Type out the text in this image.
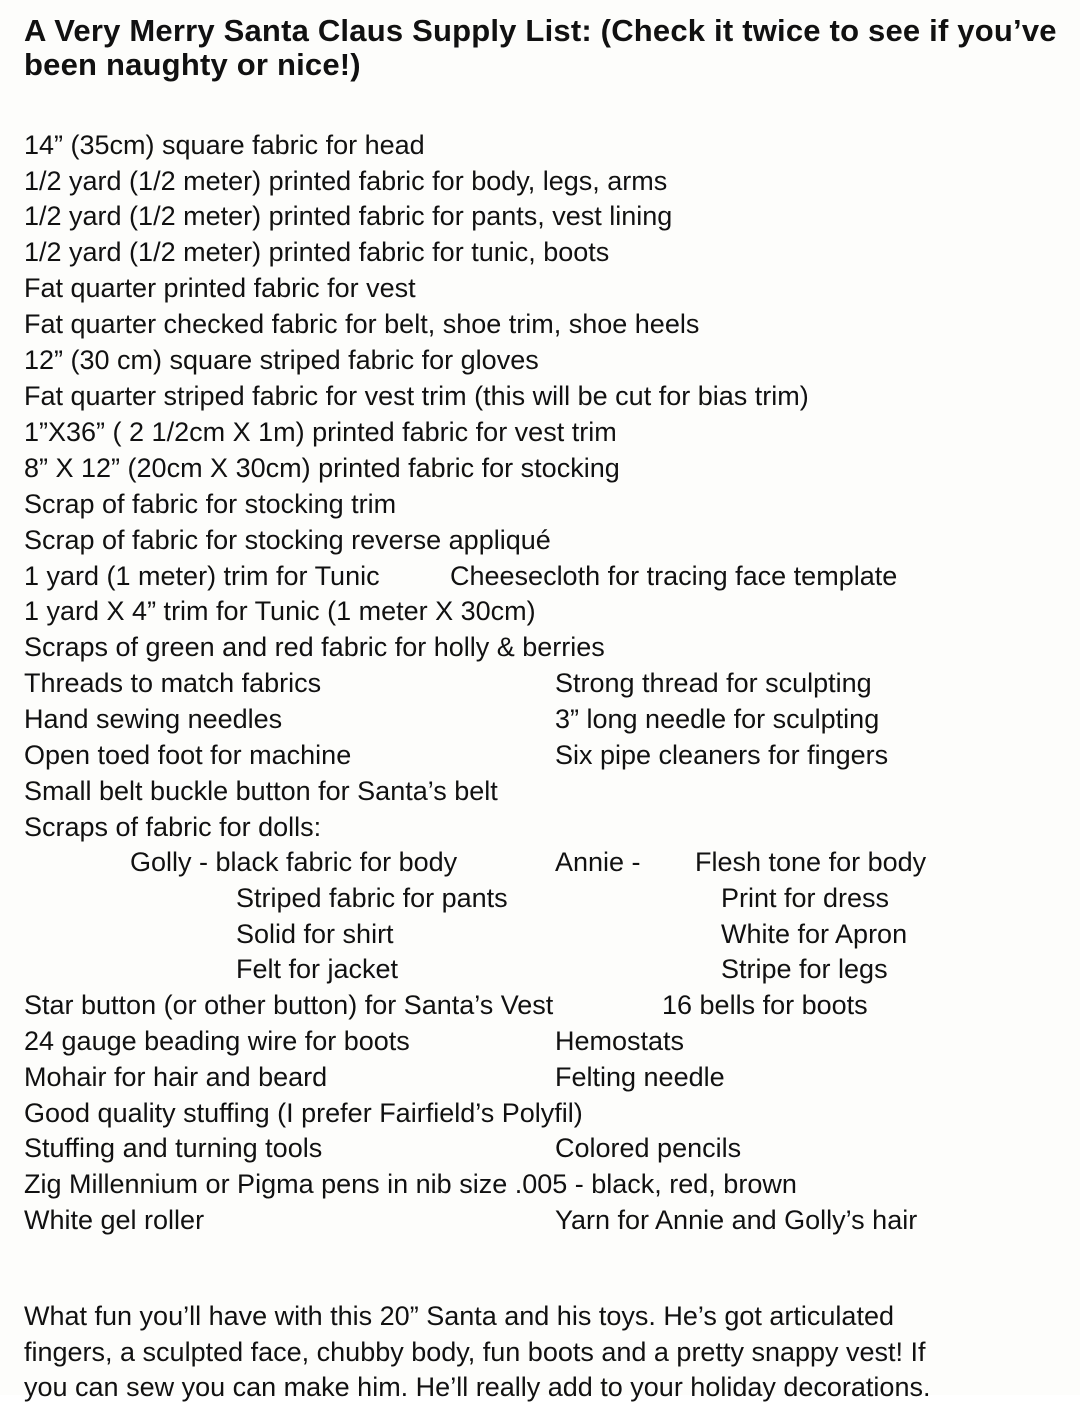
A Very Merry Santa Claus Supply List: (Check it twice to see if you’ve been naughty or nice!)
14” (35cm) square fabric for head
1/2 yard (1/2 meter) printed fabric for body, legs, arms
1/2 yard (1/2 meter) printed fabric for pants, vest lining
1/2 yard (1/2 meter) printed fabric for tunic, boots
Fat quarter printed fabric for vest
Fat quarter checked fabric for belt, shoe trim, shoe heels
12” (30 cm) square striped fabric for gloves
Fat quarter striped fabric for vest trim (this will be cut for bias trim)
1”X36” ( 2 1/2cm X 1m) printed fabric for vest trim
8” X 12” (20cm X 30cm) printed fabric for stocking
Scrap of fabric for stocking trim
Scrap of fabric for stocking reverse appliqué
1 yard (1 meter) trim for Tunic	Cheesecloth for tracing face template
1 yard X 4” trim for Tunic (1 meter X 30cm)
Scraps of green and red fabric for holly & berries
Threads to match fabrics	Strong thread for sculpting
Hand sewing needles	3” long needle for sculpting
Open toed foot for machine	Six pipe cleaners for fingers
Small belt buckle button for Santa’s belt
Scraps of fabric for dolls:
Golly - black fabric for body	Annie - Flesh tone for body
Striped fabric for pants	Print for dress
Solid for shirt	White for Apron
Felt for jacket	Stripe for legs
Star button (or other button) for Santa’s Vest	16 bells for boots
24 gauge beading wire for boots	Hemostats
Mohair for hair and beard	Felting needle
Good quality stuffing (I prefer Fairfield’s Polyfil)
Stuffing and turning tools	Colored pencils
Zig Millennium or Pigma pens in nib size .005 - black, red, brown
White gel roller	Yarn for Annie and Golly’s hair

What fun you’ll have with this 20” Santa and his toys. He’s got articulated
fingers, a sculpted face, chubby body, fun boots and a pretty snappy vest! If
you can sew you can make him. He’ll really add to your holiday decorations.
